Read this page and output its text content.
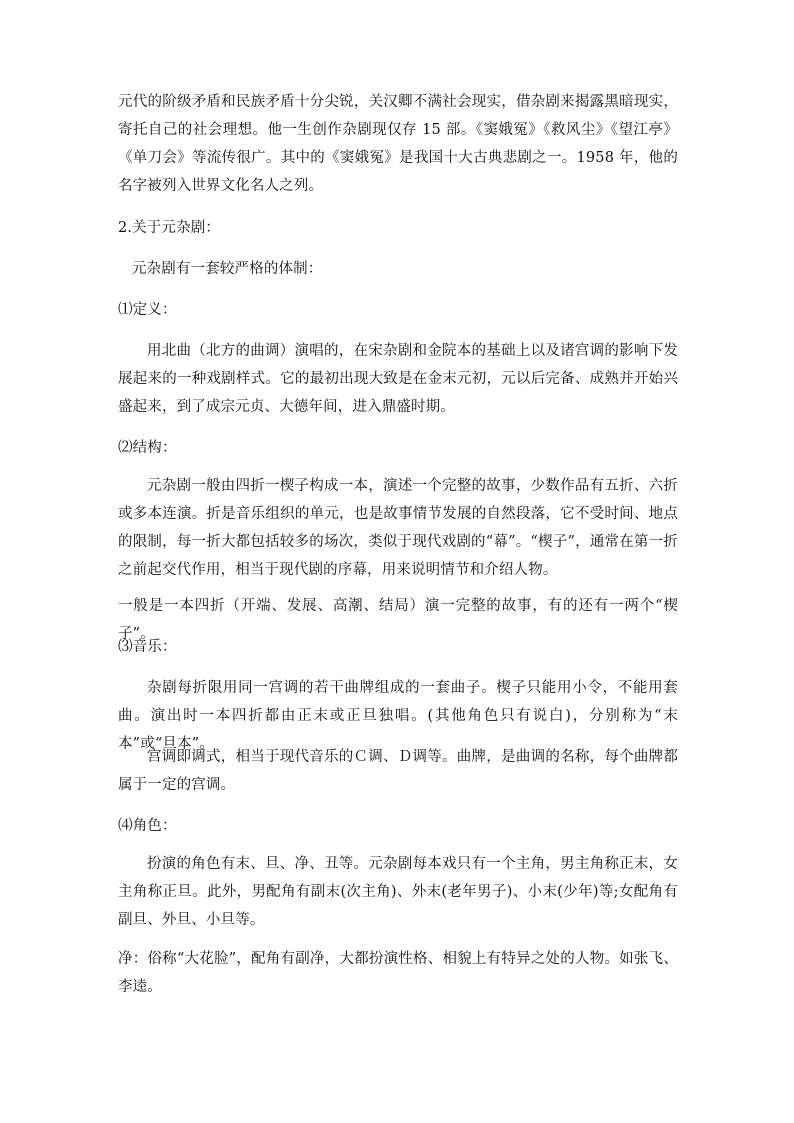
元代的阶级矛盾和民族矛盾十分尖锐，关汉卿不满社会现实，借杂剧来揭露黑暗现实，寄托自己的社会理想。他一生创作杂剧现仅存 15 部。《窦娥冤》《救风尘》《望江亭》《单刀会》等流传很广。其中的《窦娥冤》是我国十大古典悲剧之一。1958 年，他的名字被列入世界文化名人之列。

2.关于元杂剧：

元杂剧有一套较严格的体制：

⑴定义：

用北曲（北方的曲调）演唱的，在宋杂剧和金院本的基础上以及诸宫调的影响下发展起来的一种戏剧样式。它的最初出现大致是在金末元初，元以后完备、成熟并开始兴盛起来，到了成宗元贞、大德年间，进入鼎盛时期。

⑵结构：

元杂剧一般由四折一楔子构成一本，演述一个完整的故事，少数作品有五折、六折或多本连演。折是音乐组织的单元，也是故事情节发展的自然段落，它不受时间、地点的限制，每一折大都包括较多的场次，类似于现代戏剧的“幕”。“楔子”，通常在第一折之前起交代作用，相当于现代剧的序幕，用来说明情节和介绍人物。

一般是一本四折（开端、发展、高潮、结局）演一完整的故事，有的还有一两个“楔子”。

⑶音乐：

杂剧每折限用同一宫调的若干曲牌组成的一套曲子。楔子只能用小令，不能用套曲。演出时一本四折都由正末或正旦独唱。(其他角色只有说白)，分别称为“末本”或“旦本”。

宫调即调式，相当于现代音乐的Ｃ调、Ｄ调等。曲牌，是曲调的名称，每个曲牌都属于一定的宫调。

⑷角色：

扮演的角色有末、旦、净、丑等。元杂剧每本戏只有一个主角，男主角称正末，女主角称正旦。此外，男配角有副末(次主角)、外末(老年男子)、小末(少年)等;女配角有副旦、外旦、小旦等。

净：俗称“大花脸”，配角有副净，大都扮演性格、相貌上有特异之处的人物。如张飞、李逵。
